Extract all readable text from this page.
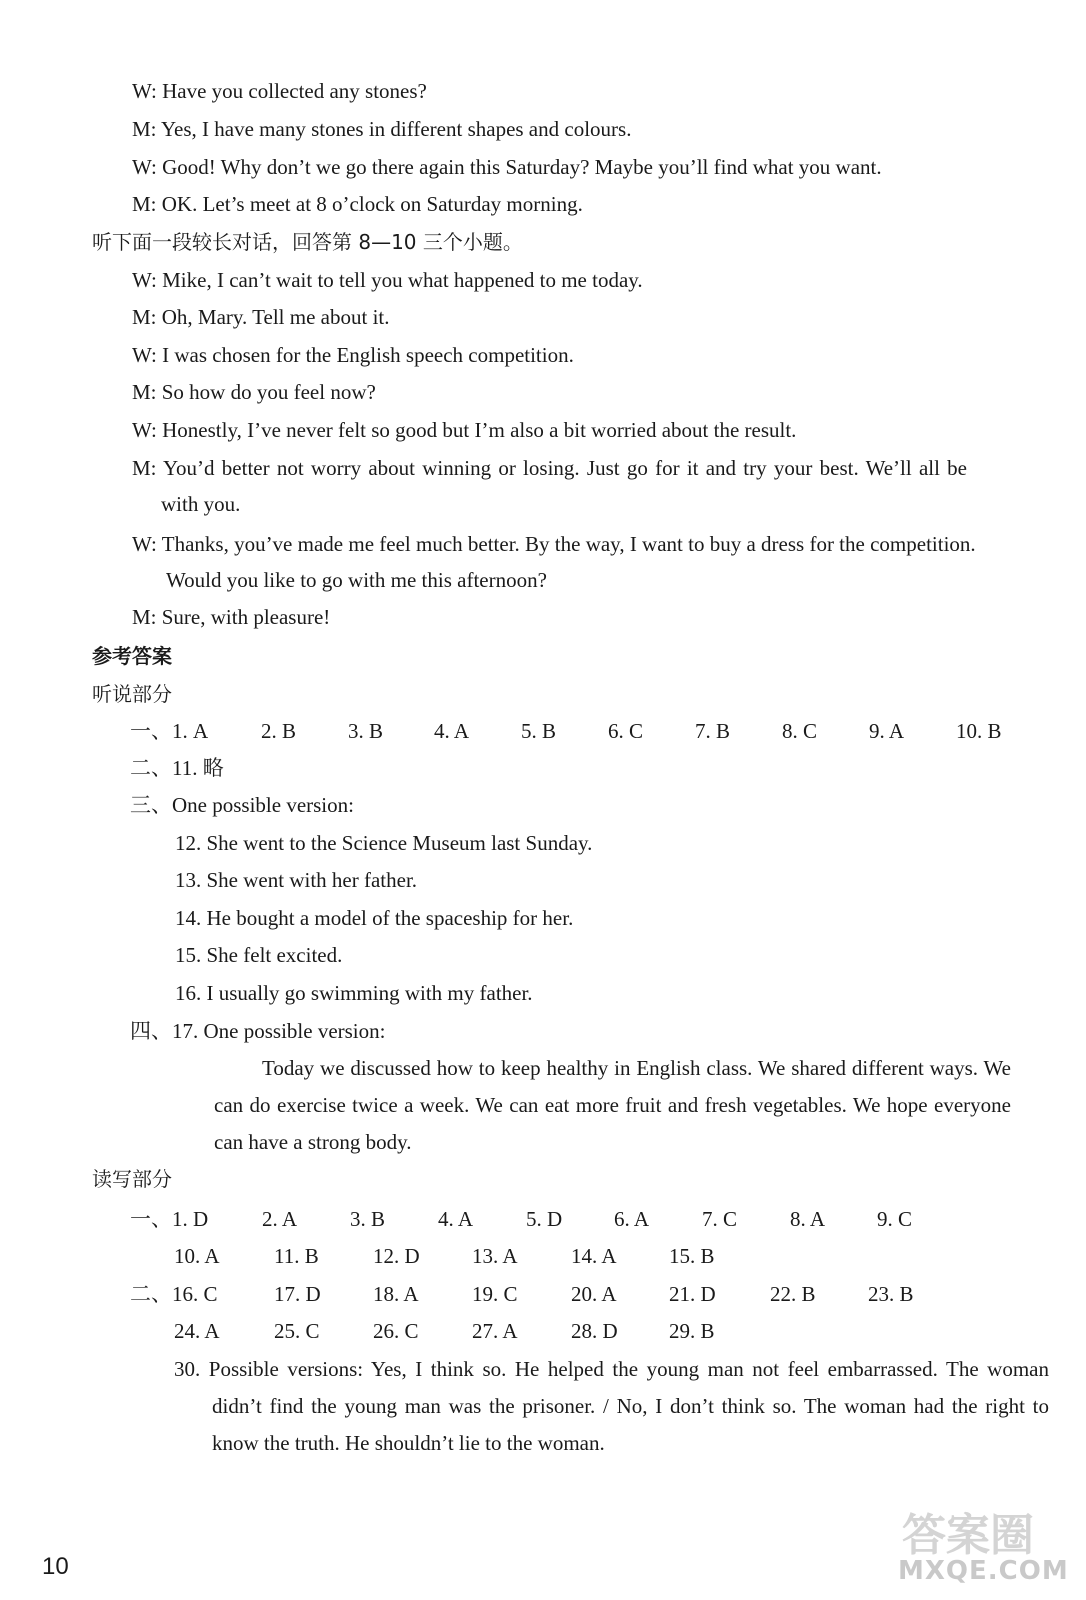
W: Have you collected any stones?
M: Yes, I have many stones in different shapes and colours.
W: Good! Why don’t we go there again this Saturday? Maybe you’ll find what you want.
M: OK. Let’s meet at 8 o’clock on Saturday morning.
听下面一段较长对话，回答第 8—10 三个小题。
W: Mike, I can’t wait to tell you what happened to me today.
M: Oh, Mary. Tell me about it.
W: I was chosen for the English speech competition.
M: So how do you feel now?
W: Honestly, I’ve never felt so good but I’m also a bit worried about the result.
M: You’d better not worry about winning or losing. Just go for it and try your best. We’ll all be
with you.
W: Thanks, you’ve made me feel much better. By the way, I want to buy a dress for the competition.
Would you like to go with me this afternoon?
M: Sure, with pleasure!
参考答案
听说部分
一、1. A	2. B 3. B 4. A 5. B 6. C 7. B 8. C 9. A 10. B
二、11. 略
三、One possible version:
12. She went to the Science Museum last Sunday.
13. She went with her father.
14. He bought a model of the spaceship for her.
15. She felt excited.
16. I usually go swimming with my father.
四、17. One possible version:
Today we discussed how to keep healthy in English class. We shared different ways. We can do exercise twice a week. We can eat more fruit and fresh vegetables. We hope everyone can have a strong body.
读写部分
一、1. D	2. A	3. B	4. A	5. D 6. A	7. C	8. A 9. C
10. A	11. B	12. D 13. A	14. A 15. B
二、16. C	17. D 18. A	19. C	20. A 21. D	22. B 23. B
24. A	25. C	26. C	27. A	28. D 29. B
30. Possible versions: Yes, I think so. He helped the young man not feel embarrassed. The woman didn’t find the young man was the prisoner. / No, I don’t think so. The woman had the right to know the truth. He shouldn’t lie to the woman.
10
答案圈
MXQE.COM
